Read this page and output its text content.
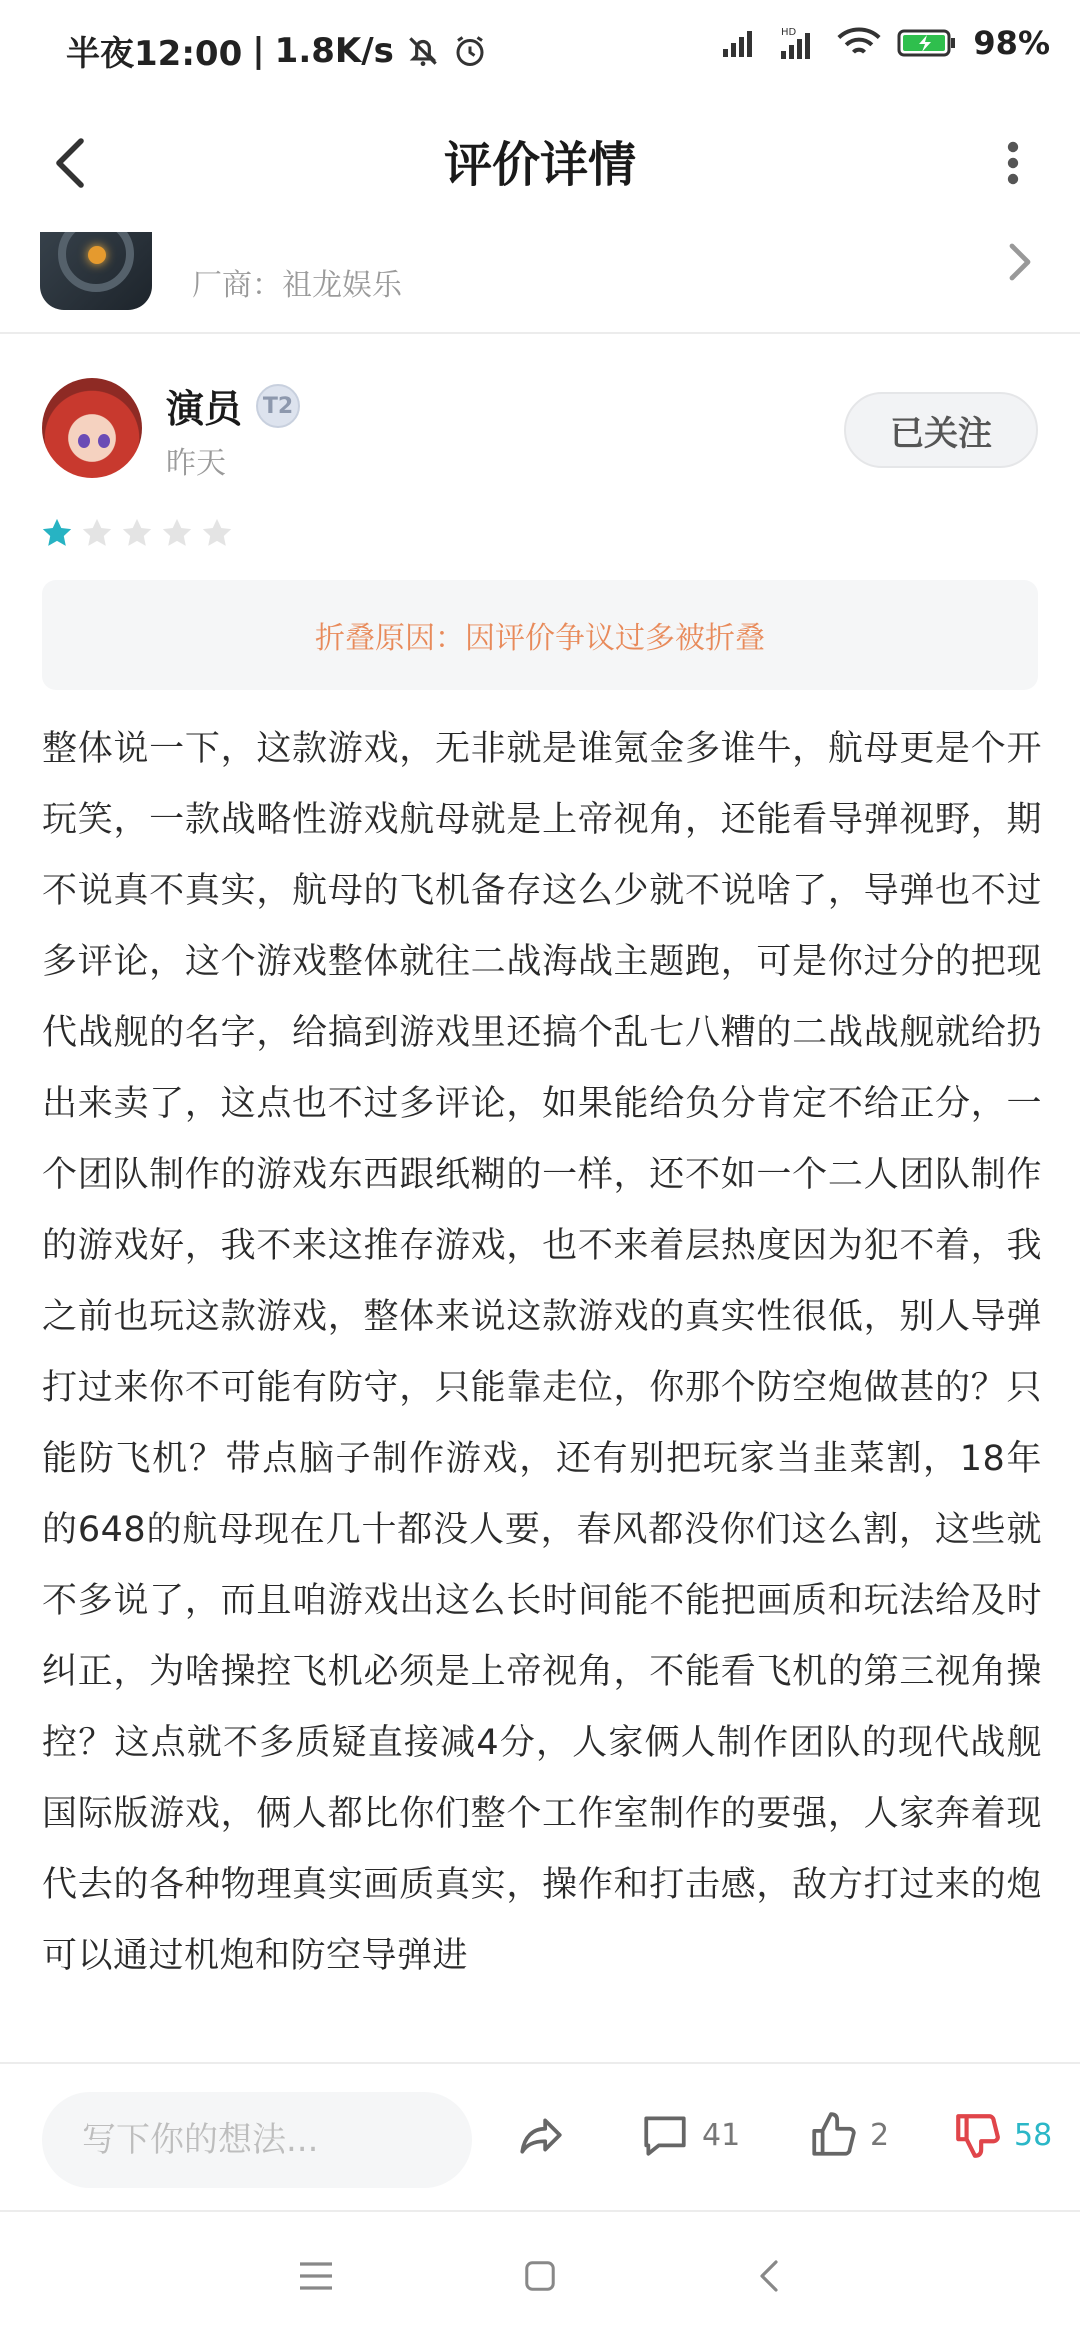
半夜12:00 | 1.8K/s	HD	98%
评价详情
厂商：祖龙娱乐
演员 T2
昨天
已关注
折叠原因：因评价争议过多被折叠
整体说一下，这款游戏，无非就是谁氪金多谁牛，航母更是个开玩笑，一款战略性游戏航母就是上帝视角，还能看导弹视野，期不说真不真实，航母的飞机备存这么少就不说啥了，导弹也不过多评论，这个游戏整体就往二战海战主题跑，可是你过分的把现代战舰的名字，给搞到游戏里还搞个乱七八糟的二战战舰就给扔出来卖了，这点也不过多评论，如果能给负分肯定不给正分，一个团队制作的游戏东西跟纸糊的一样，还不如一个二人团队制作的游戏好，我不来这推存游戏，也不来着层热度因为犯不着，我之前也玩这款游戏，整体来说这款游戏的真实性很低，别人导弹打过来你不可能有防守，只能靠走位，你那个防空炮做甚的？只能防飞机？带点脑子制作游戏，还有别把玩家当韭菜割，18年的648的航母现在几十都没人要，春风都没你们这么割，这些就不多说了，而且咱游戏出这么长时间能不能把画质和玩法给及时纠正，为啥操控飞机必须是上帝视角，不能看飞机的第三视角操控？这点就不多质疑直接减4分，人家俩人制作团队的现代战舰国际版游戏，俩人都比你们整个工作室制作的要强，人家奔着现代去的各种物理真实画质真实，操作和打击感，敌方打过来的炮可以通过机炮和防空导弹进
写下你的想法...
41	2	58
